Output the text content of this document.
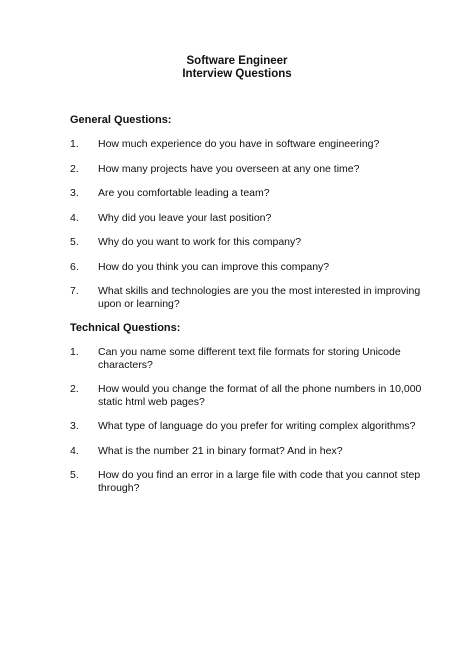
Software Engineer
Interview Questions
General Questions:
1.	How much experience do you have in software engineering?
2.	How many projects have you overseen at any one time?
3.	Are you comfortable leading a team?
4.	Why did you leave your last position?
5.	Why do you want to work for this company?
6.	How do you think you can improve this company?
7.	What skills and technologies are you the most interested in improving upon or learning?
Technical Questions:
1.	Can you name some different text file formats for storing Unicode characters?
2.	How would you change the format of all the phone numbers in 10,000 static html web pages?
3.	What type of language do you prefer for writing complex algorithms?
4.	What is the number 21 in binary format? And in hex?
5.	How do you find an error in a large file with code that you cannot step through?
